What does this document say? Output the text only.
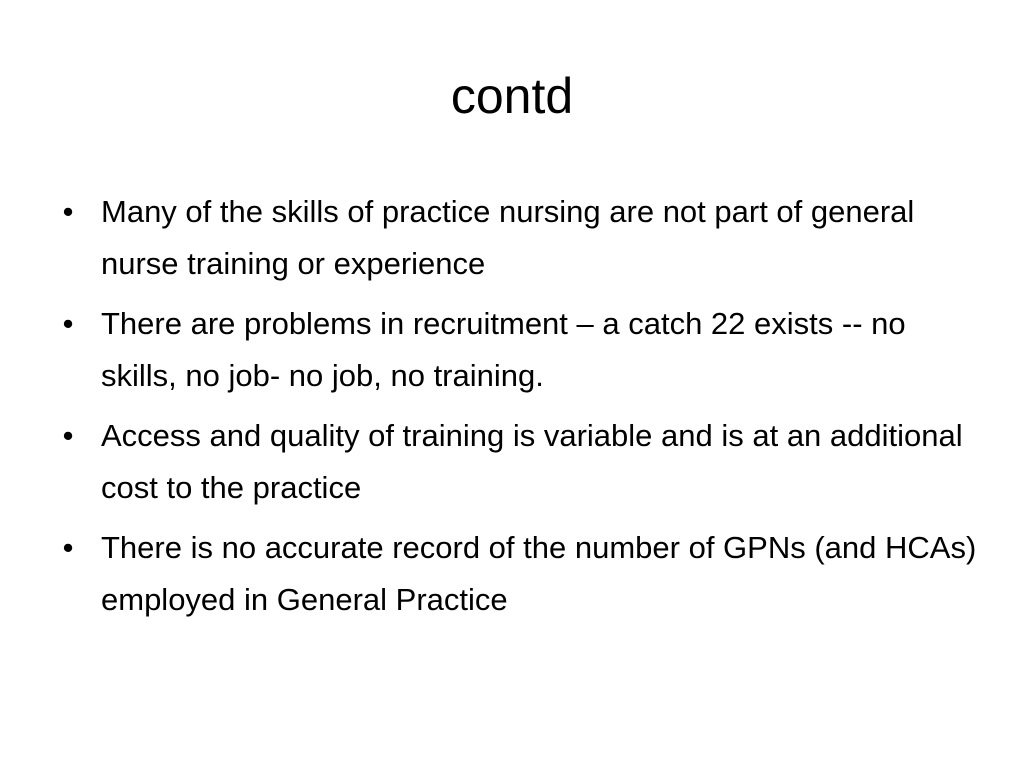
contd
• Many of the skills of practice nursing are not part of general nurse training or experience
• There are problems in recruitment – a catch 22 exists -- no skills, no job- no job, no training.
• Access and quality of training is variable and is at an additional cost to the practice
• There is no accurate record of the number of GPNs (and HCAs) employed in General Practice
